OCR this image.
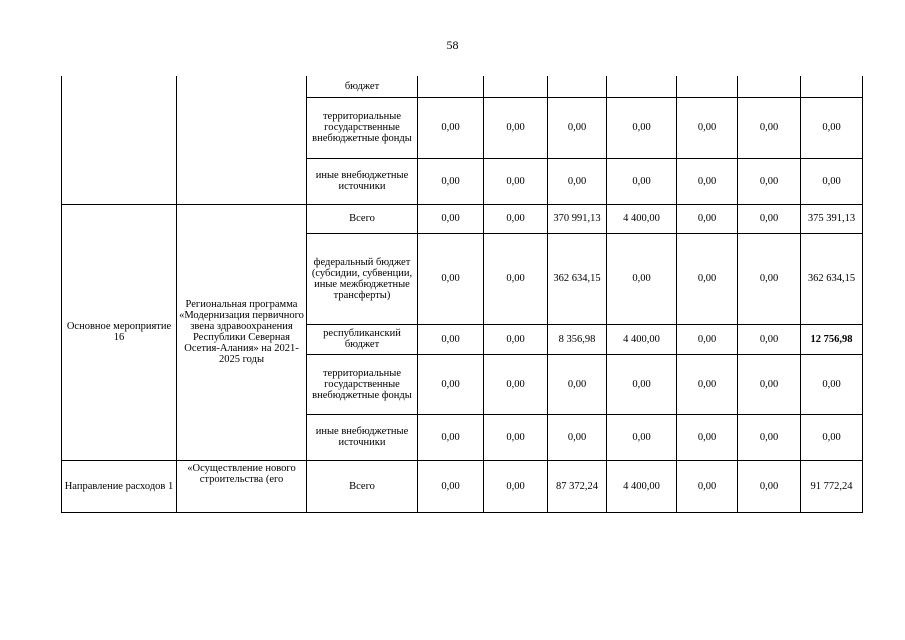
58
		бюджет							
		территориальные государственные внебюджетные фонды	0,00	0,00	0,00	0,00	0,00	0,00	0,00
		иные внебюджетные источники	0,00	0,00	0,00	0,00	0,00	0,00	0,00
Основное мероприятие 16	Региональная программа «Модернизация первичного звена здравоохранения Республики Северная Осетия-Алания» на 2021-2025 годы	Всего	0,00	0,00	370 991,13	4 400,00	0,00	0,00	375 391,13
		федеральный бюджет (субсидии, субвенции, иные межбюджетные трансферты)	0,00	0,00	362 634,15	0,00	0,00	0,00	362 634,15
		республиканский бюджет	0,00	0,00	8 356,98	4 400,00	0,00	0,00	12 756,98
		территориальные государственные внебюджетные фонды	0,00	0,00	0,00	0,00	0,00	0,00	0,00
		иные внебюджетные источники	0,00	0,00	0,00	0,00	0,00	0,00	0,00
Направление расходов 1	«Осуществление нового строительства (его	Всего	0,00	0,00	87 372,24	4 400,00	0,00	0,00	91 772,24
